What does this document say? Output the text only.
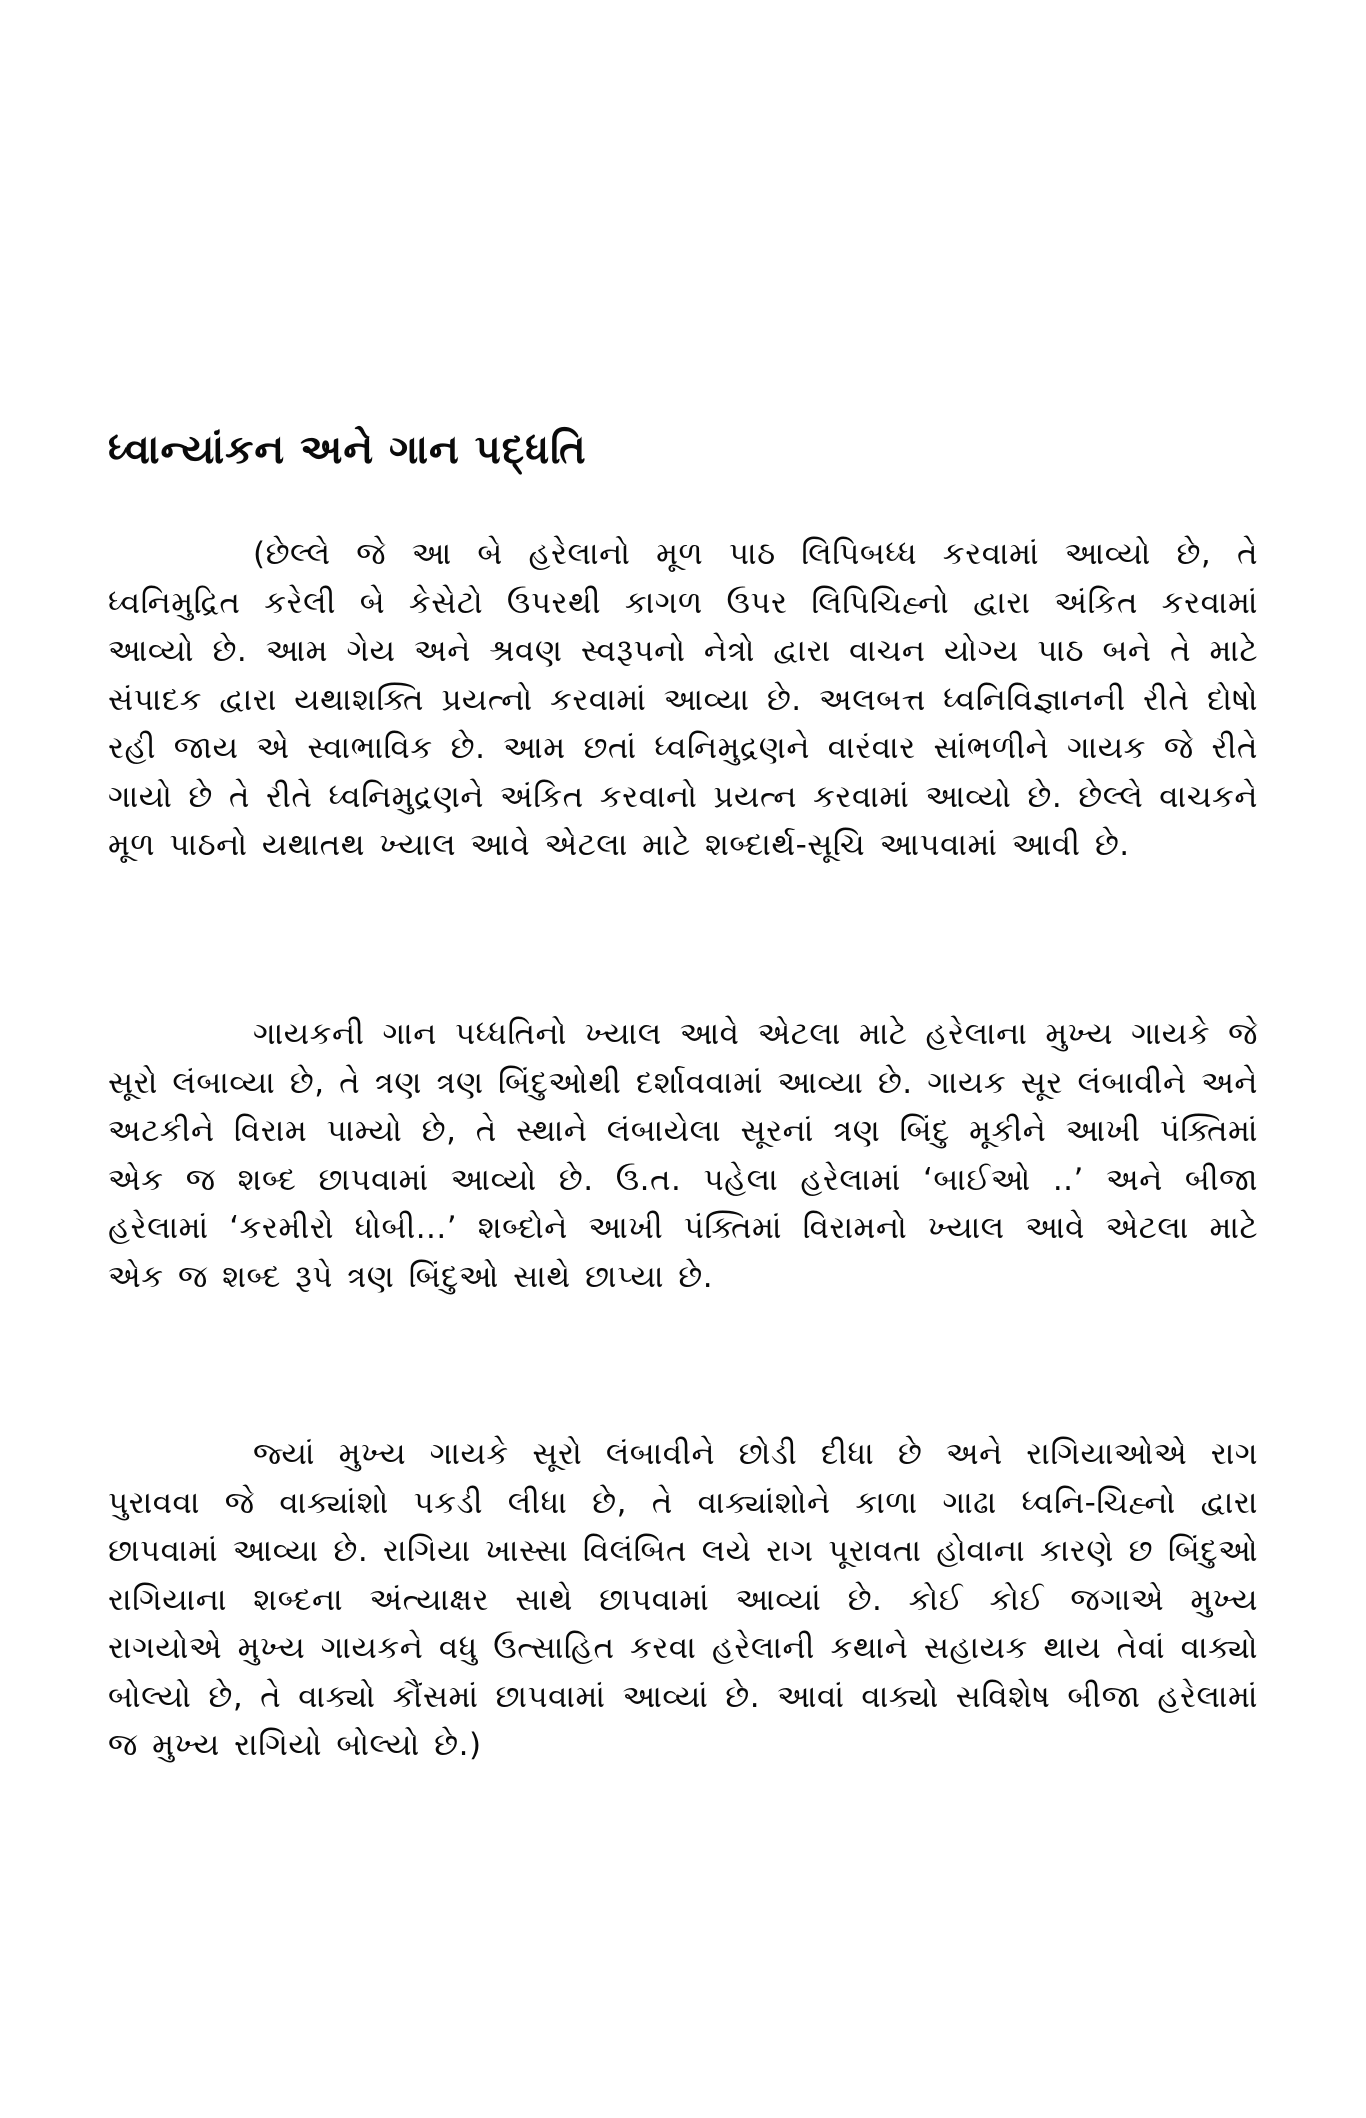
ધ્વાન્યાંકન અને ગાન પદ્ધતિ

(છેલ્લે જે આ બે હરેલાનો મૂળ પાઠ લિપિબધ્ધ કરવામાં આવ્યો છે, તે ધ્વનિમુદ્રિત કરેલી બે કેસેટો ઉપરથી કાગળ ઉપર લિપિચિહ્નો દ્વારા અંકિત કરવામાં આવ્યો છે. આમ ગેય અને શ્રવણ સ્વરૂપનો નેત્રો દ્વારા વાચન યોગ્ય પાઠ બને તે માટે સંપાદક દ્વારા યથાશક્તિ પ્રયત્નો કરવામાં આવ્યા છે. અલબત્ત ધ્વનિવિજ્ઞાનની રીતે દોષો રહી જાય એ સ્વાભાવિક છે. આમ છતાં ધ્વનિમુદ્રણને વારંવાર સાંભળીને ગાયક જે રીતે ગાયો છે તે રીતે ધ્વનિમુદ્રણને અંકિત કરવાનો પ્રયત્ન કરવામાં આવ્યો છે. છેલ્લે વાચકને મૂળ પાઠનો યથાતથ ખ્યાલ આવે એટલા માટે શબ્દાર્થ-સૂચિ આપવામાં આવી છે.

ગાયકની ગાન પધ્ધતિનો ખ્યાલ આવે એટલા માટે હરેલાના મુખ્ય ગાયકે જે સૂરો લંબાવ્યા છે, તે ત્રણ ત્રણ બિંદુઓથી દર્શાવવામાં આવ્યા છે. ગાયક સૂર લંબાવીને અને અટકીને વિરામ પામ્યો છે, તે સ્થાને લંબાયેલા સૂરનાં ત્રણ બિંદુ મૂકીને આખી પંક્તિમાં એક જ શબ્દ છાપવામાં આવ્યો છે. ઉ.ત. પહેલા હરેલામાં ‘બાઈઓ ..’ અને બીજા હરેલામાં ‘કરમીરો ધોબી...’ શબ્દોને આખી પંક્તિમાં વિરામનો ખ્યાલ આવે એટલા માટે એક જ શબ્દ રૂપે ત્રણ બિંદુઓ સાથે છાપ્યા છે.

જ્યાં મુખ્ય ગાયકે સૂરો લંબાવીને છોડી દીધા છે અને રાગિયાઓએ રાગ પુરાવવા જે વાક્યાંશો પકડી લીધા છે, તે વાક્યાંશોને કાળા ગાઢા ધ્વનિ-ચિહ્નો દ્વારા છાપવામાં આવ્યા છે. રાગિયા ખાસ્સા વિલંબિત લયે રાગ પૂરાવતા હોવાના કારણે છ બિંદુઓ રાગિયાના શબ્દના અંત્યાક્ષર સાથે છાપવામાં આવ્યાં છે. કોઈ કોઈ જગાએ મુખ્ય રાગયોએ મુખ્ય ગાયકને વધુ ઉત્સાહિત કરવા હરેલાની કથાને સહાયક થાય તેવાં વાક્યો બોલ્યો છે, તે વાક્યો કૌંસમાં છાપવામાં આવ્યાં છે. આવાં વાક્યો સવિશેષ બીજા હરેલામાં જ મુખ્ય રાગિયો બોલ્યો છે.)
